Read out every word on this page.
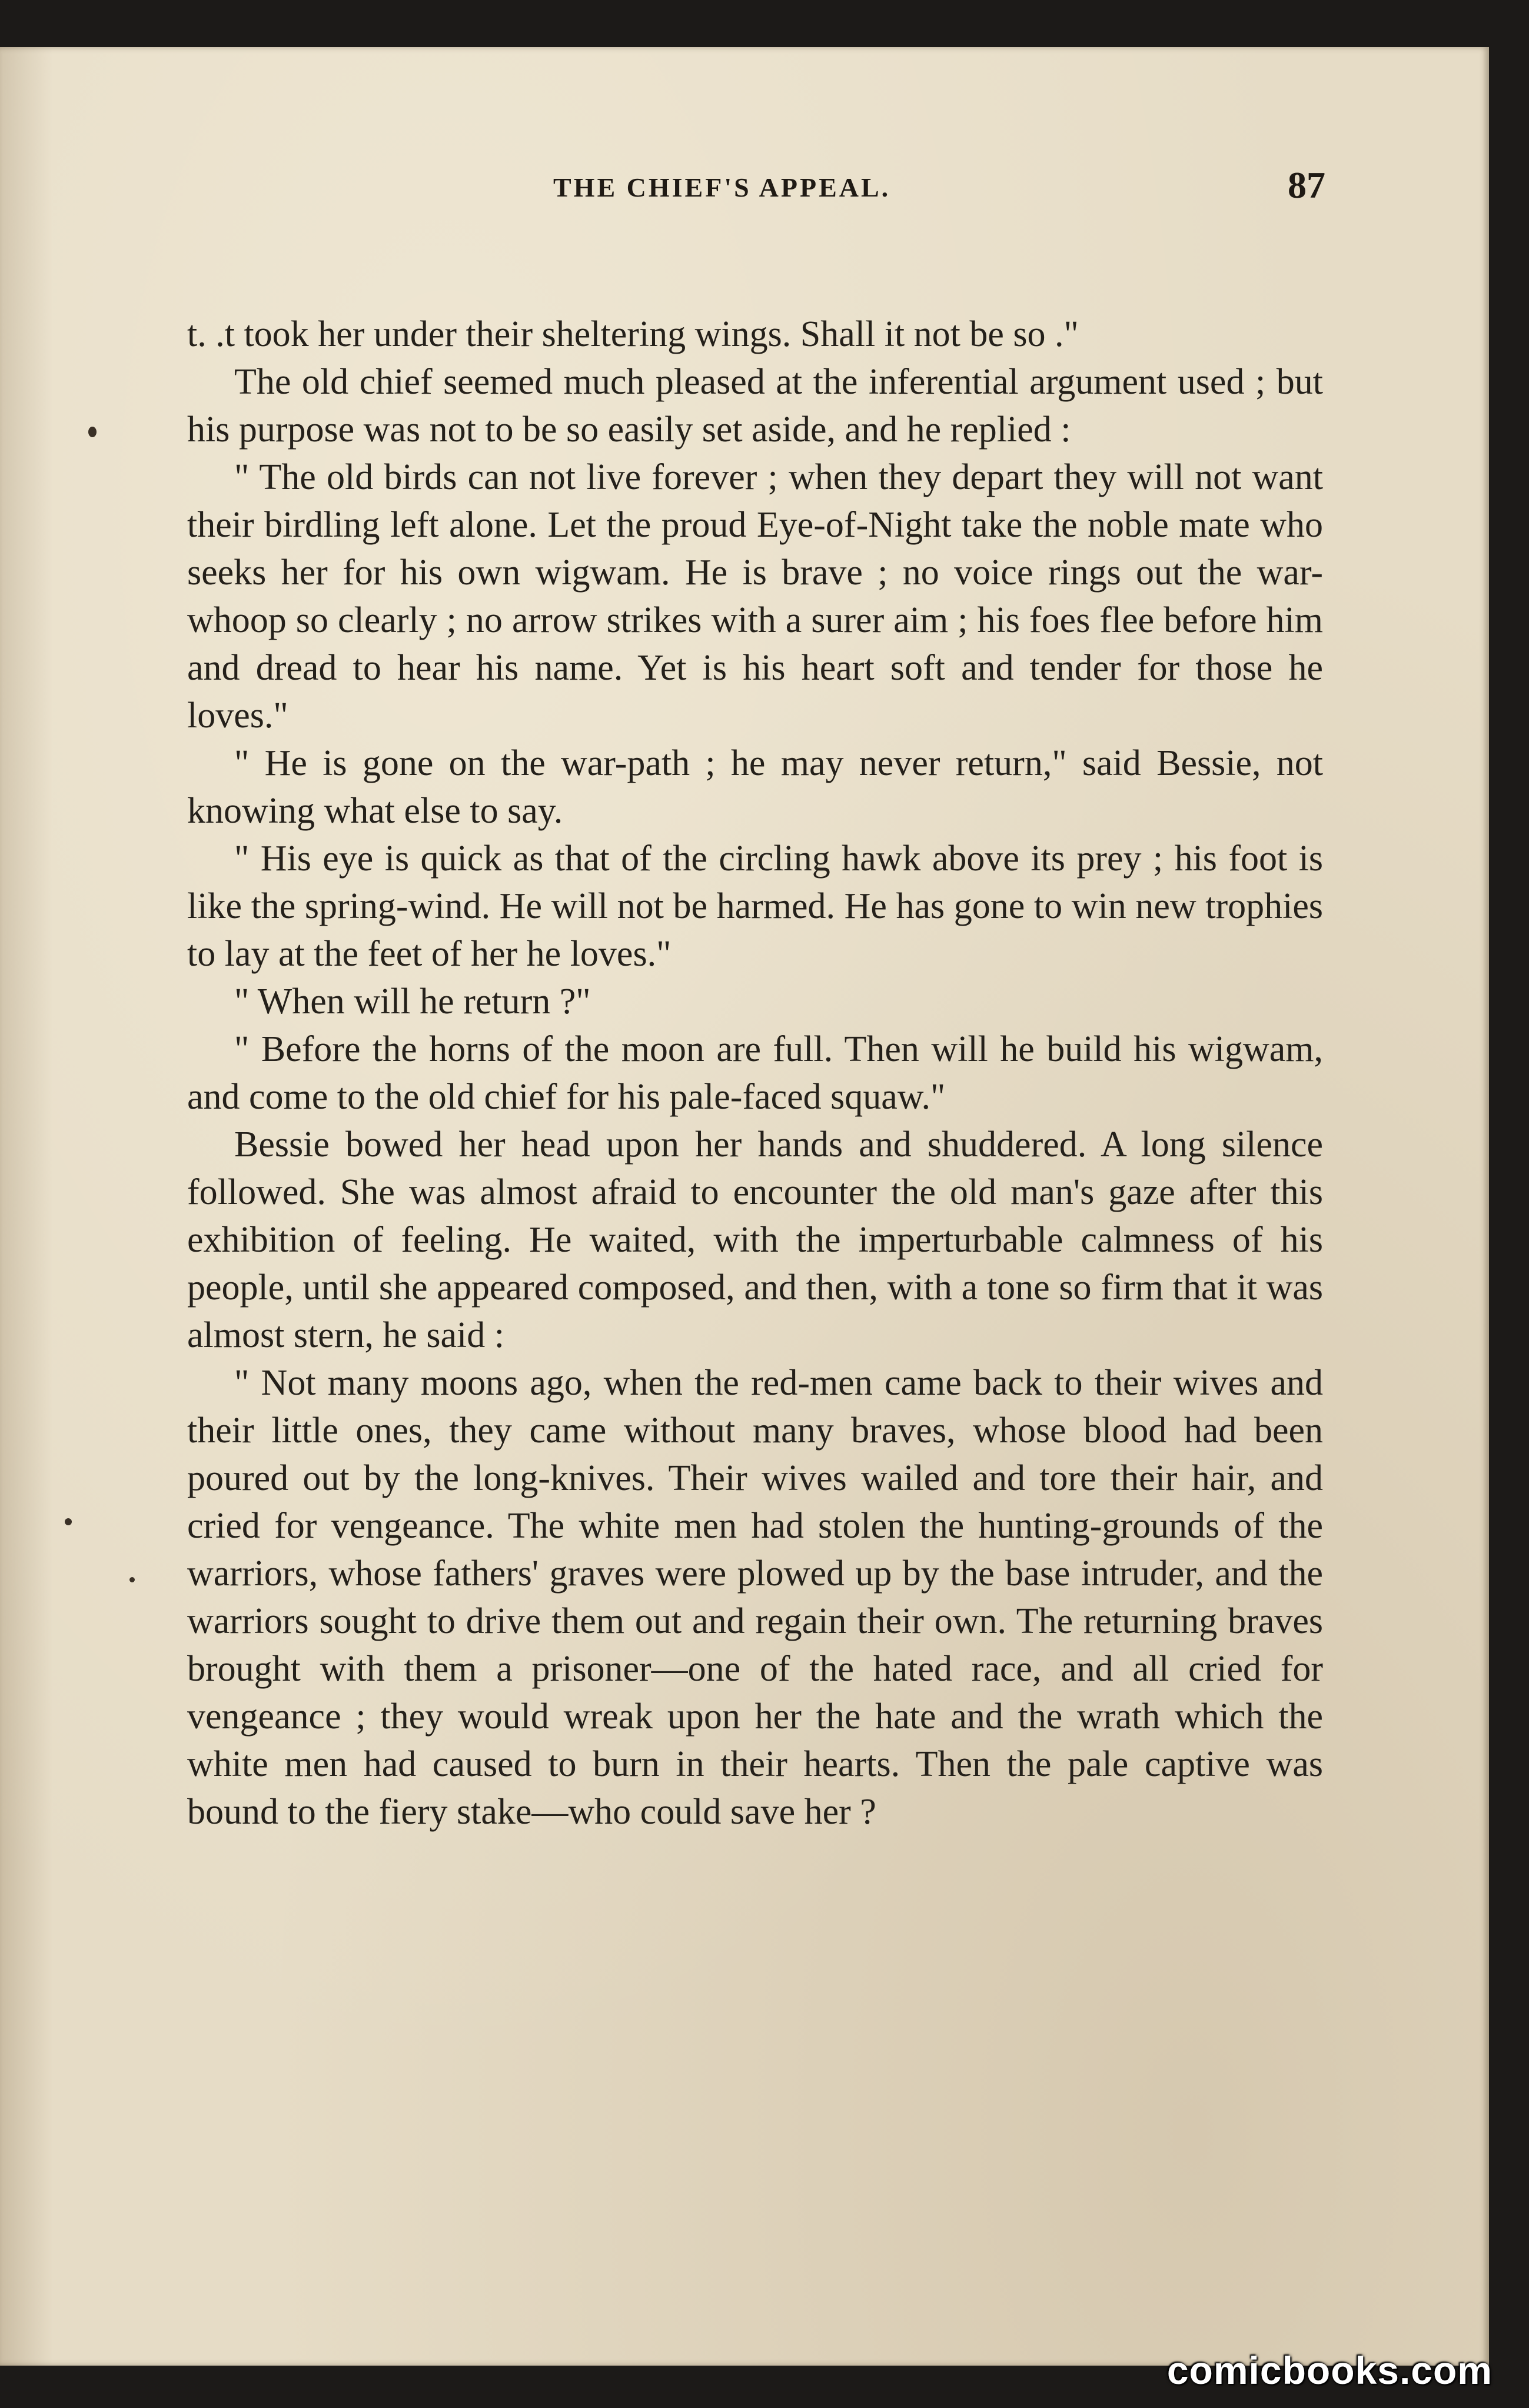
THE CHIEF'S APPEAL.	87

t. .t took her under their sheltering wings. Shall it not be so ."

The old chief seemed much pleased at the inferential argument used ; but his purpose was not to be so easily set aside, and he replied :

" The old birds can not live forever ; when they depart they will not want their birdling left alone. Let the proud Eye-of-Night take the noble mate who seeks her for his own wigwam. He is brave ; no voice rings out the war-whoop so clearly ; no arrow strikes with a surer aim ; his foes flee before him and dread to hear his name. Yet is his heart soft and tender for those he loves."

" He is gone on the war-path ; he may never return," said Bessie, not knowing what else to say.

" His eye is quick as that of the circling hawk above its prey ; his foot is like the spring-wind. He will not be harmed. He has gone to win new trophies to lay at the feet of her he loves."

" When will he return ?"

" Before the horns of the moon are full. Then will he build his wigwam, and come to the old chief for his pale-faced squaw."

Bessie bowed her head upon her hands and shuddered. A long silence followed. She was almost afraid to encounter the old man's gaze after this exhibition of feeling. He waited, with the imperturbable calmness of his people, until she appeared composed, and then, with a tone so firm that it was almost stern, he said :

" Not many moons ago, when the red-men came back to their wives and their little ones, they came without many braves, whose blood had been poured out by the long-knives. Their wives wailed and tore their hair, and cried for vengeance. The white men had stolen the hunting-grounds of the warriors, whose fathers' graves were plowed up by the base intruder, and the warriors sought to drive them out and regain their own. The returning braves brought with them a prisoner—one of the hated race, and all cried for vengeance ; they would wreak upon her the hate and the wrath which the white men had caused to burn in their hearts. Then the pale captive was bound to the fiery stake—who could save her ?

comicbooks.com
